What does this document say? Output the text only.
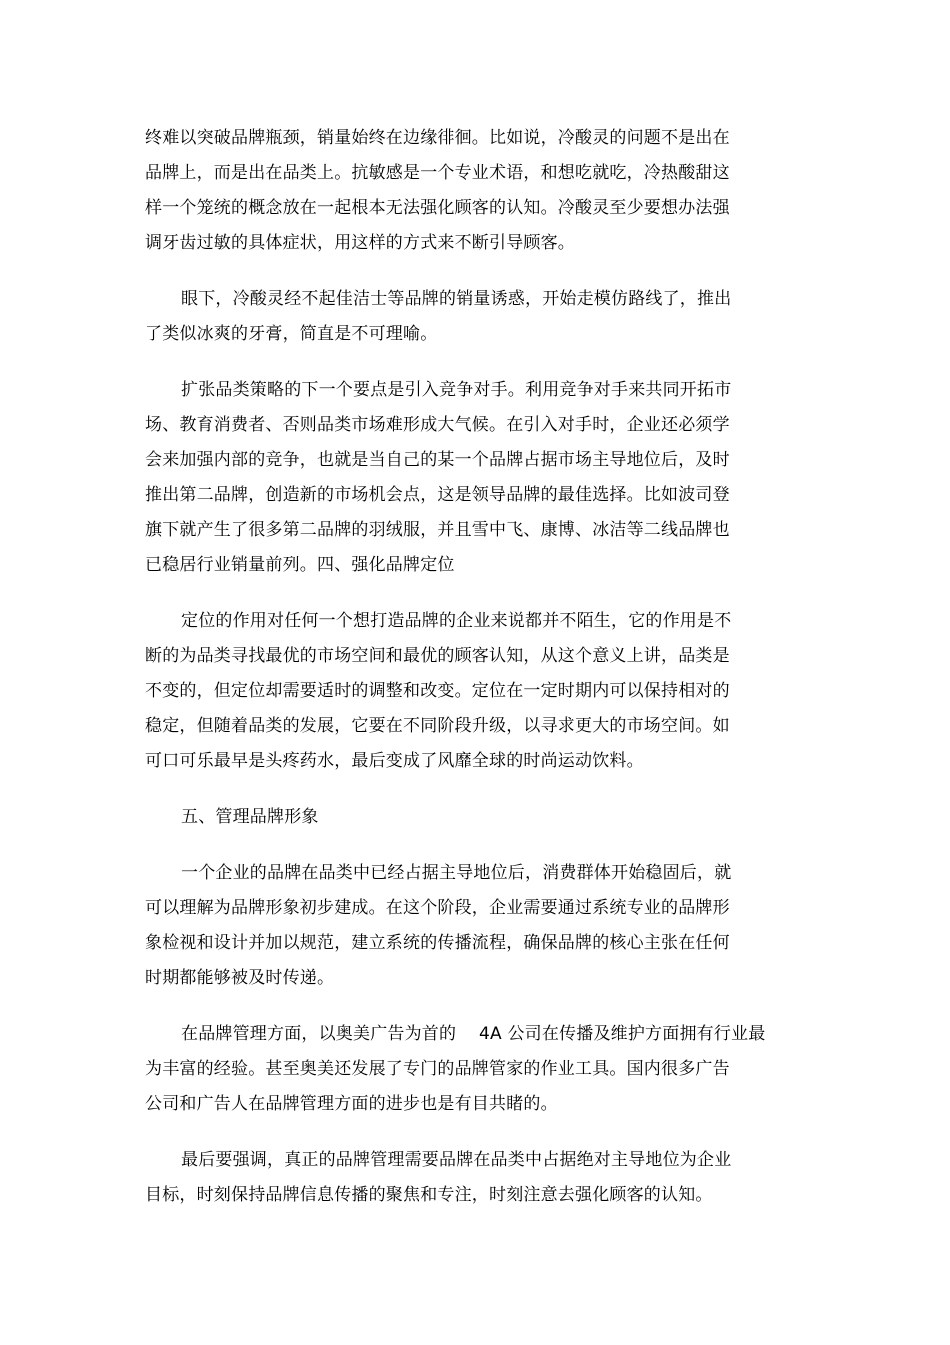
终难以突破品牌瓶颈，销量始终在边缘徘徊。比如说，冷酸灵的问题不是出在
品牌上，而是出在品类上。抗敏感是一个专业术语，和想吃就吃，冷热酸甜这
样一个笼统的概念放在一起根本无法强化顾客的认知。冷酸灵至少要想办法强
调牙齿过敏的具体症状，用这样的方式来不断引导顾客。
眼下，冷酸灵经不起佳洁士等品牌的销量诱惑，开始走模仿路线了，推出
了类似冰爽的牙膏，简直是不可理喻。
扩张品类策略的下一个要点是引入竞争对手。利用竞争对手来共同开拓市
场、教育消费者、否则品类市场难形成大气候。在引入对手时，企业还必须学
会来加强内部的竞争，也就是当自己的某一个品牌占据市场主导地位后，及时
推出第二品牌，创造新的市场机会点，这是领导品牌的最佳选择。比如波司登
旗下就产生了很多第二品牌的羽绒服，并且雪中飞、康博、冰洁等二线品牌也
已稳居行业销量前列。四、强化品牌定位
定位的作用对任何一个想打造品牌的企业来说都并不陌生，它的作用是不
断的为品类寻找最优的市场空间和最优的顾客认知，从这个意义上讲，品类是
不变的，但定位却需要适时的调整和改变。定位在一定时期内可以保持相对的
稳定，但随着品类的发展，它要在不同阶段升级，以寻求更大的市场空间。如
可口可乐最早是头疼药水，最后变成了风靡全球的时尚运动饮料。
五、管理品牌形象
一个企业的品牌在品类中已经占据主导地位后，消费群体开始稳固后，就
可以理解为品牌形象初步建成。在这个阶段，企业需要通过系统专业的品牌形
象检视和设计并加以规范，建立系统的传播流程，确保品牌的核心主张在任何
时期都能够被及时传递。
在品牌管理方面，以奥美广告为首的　 4A 公司在传播及维护方面拥有行业最
为丰富的经验。甚至奥美还发展了专门的品牌管家的作业工具。国内很多广告
公司和广告人在品牌管理方面的进步也是有目共睹的。
最后要强调，真正的品牌管理需要品牌在品类中占据绝对主导地位为企业
目标，时刻保持品牌信息传播的聚焦和专注，时刻注意去强化顾客的认知。
